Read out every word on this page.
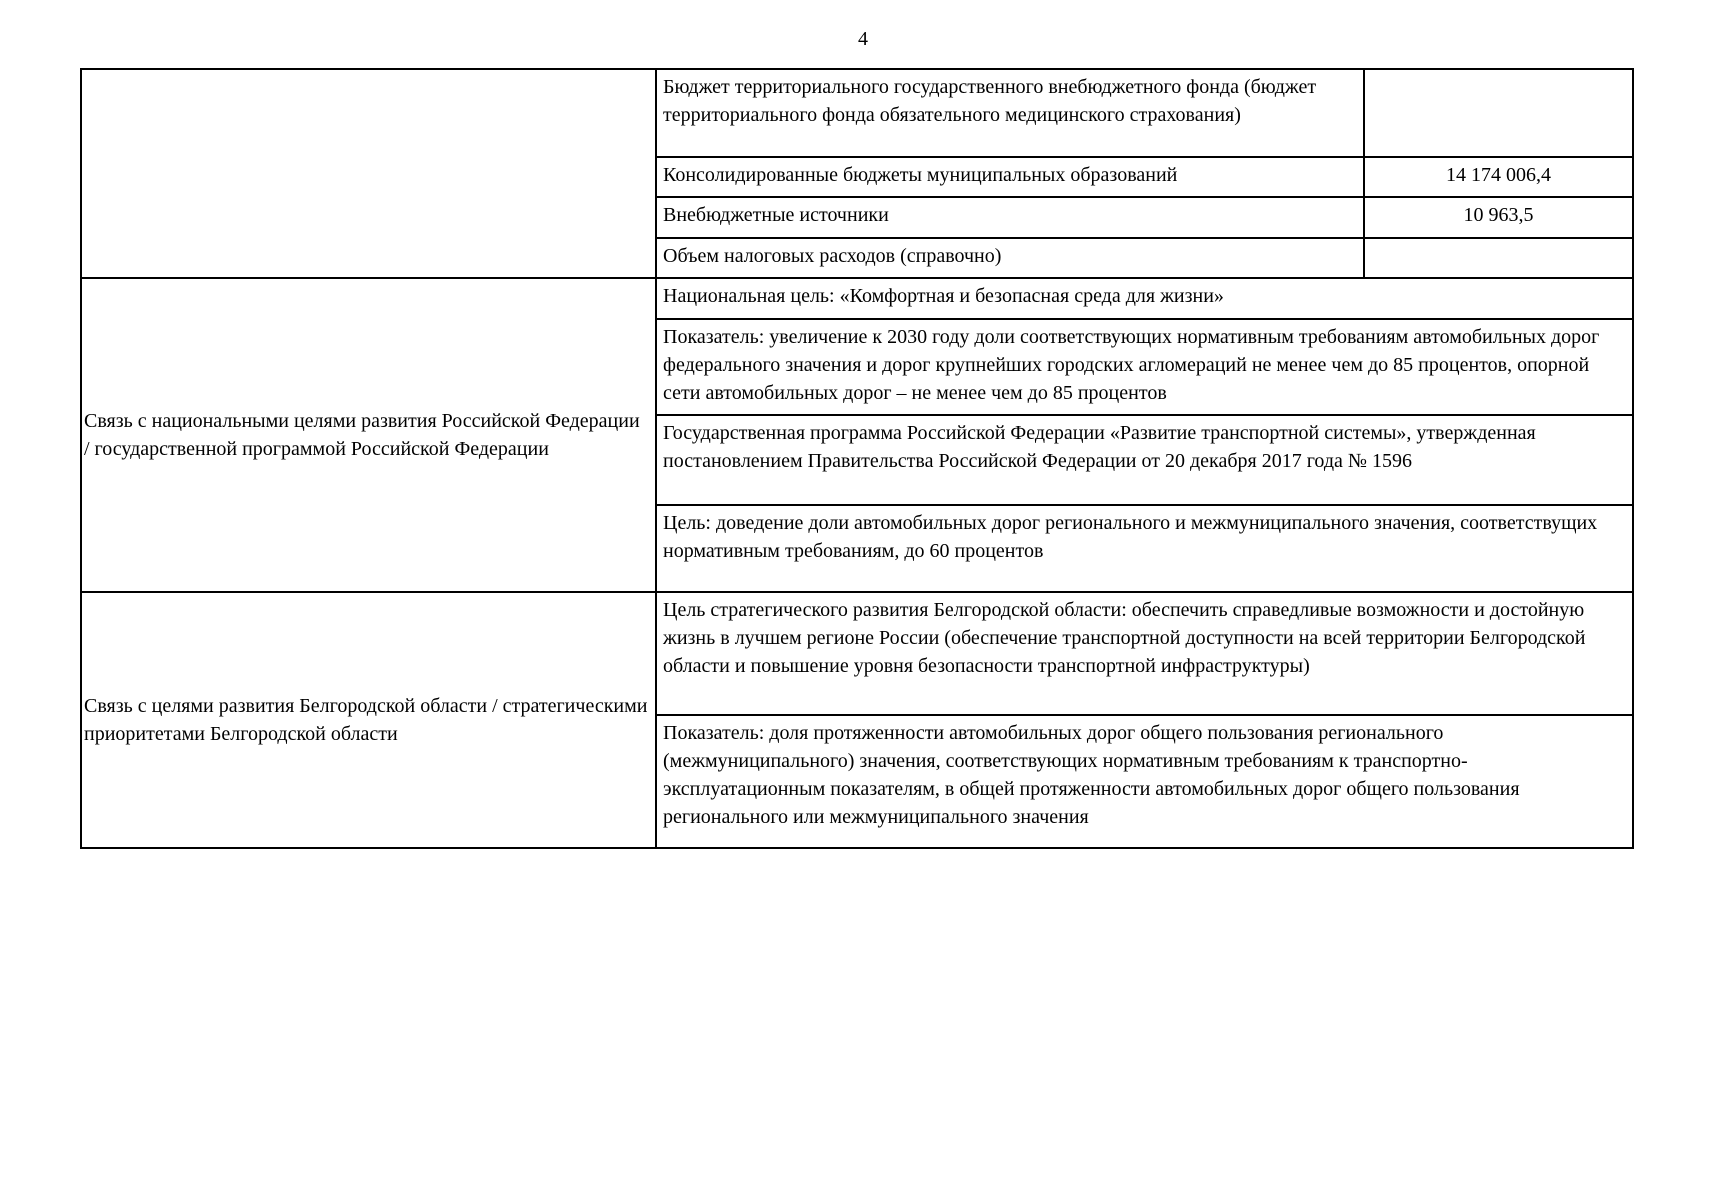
4
	Бюджет территориального государственного внебюджетного фонда (бюджет территориального фонда обязательного медицинского страхования)	
	Консолидированные бюджеты муниципальных образований	14 174 006,4
	Внебюджетные источники	10 963,5
	Объем налоговых расходов (справочно)	
Связь с национальными целями развития Российской Федерации / государственной программой Российской Федерации	Национальная цель: «Комфортная и безопасная среда для жизни»	
	Показатель: увеличение к 2030 году доли соответствующих нормативным требованиям автомобильных дорог федерального значения и дорог крупнейших городских агломераций не менее чем до 85 процентов, опорной сети автомобильных дорог – не менее чем до 85 процентов	
	Государственная программа Российской Федерации «Развитие транспортной системы», утвержденная постановлением Правительства Российской Федерации от 20 декабря 2017 года № 1596	
	Цель: доведение доли автомобильных дорог регионального и межмуниципального значения, соответствущих нормативным требованиям, до 60 процентов	
Связь с целями развития Белгородской области / стратегическими приоритетами Белгородской области	Цель стратегического развития Белгородской области: обеспечить справедливые возможности и достойную жизнь в лучшем регионе России (обеспечение транспортной доступности на всей территории Белгородской области и повышение уровня безопасности транспортной инфраструктуры)	
	Показатель: доля протяженности автомобильных дорог общего пользования регионального (межмуниципального) значения, соответствующих нормативным требованиям к транспортно-эксплуатационным показателям, в общей протяженности автомобильных дорог общего пользования регионального или межмуниципального значения	
